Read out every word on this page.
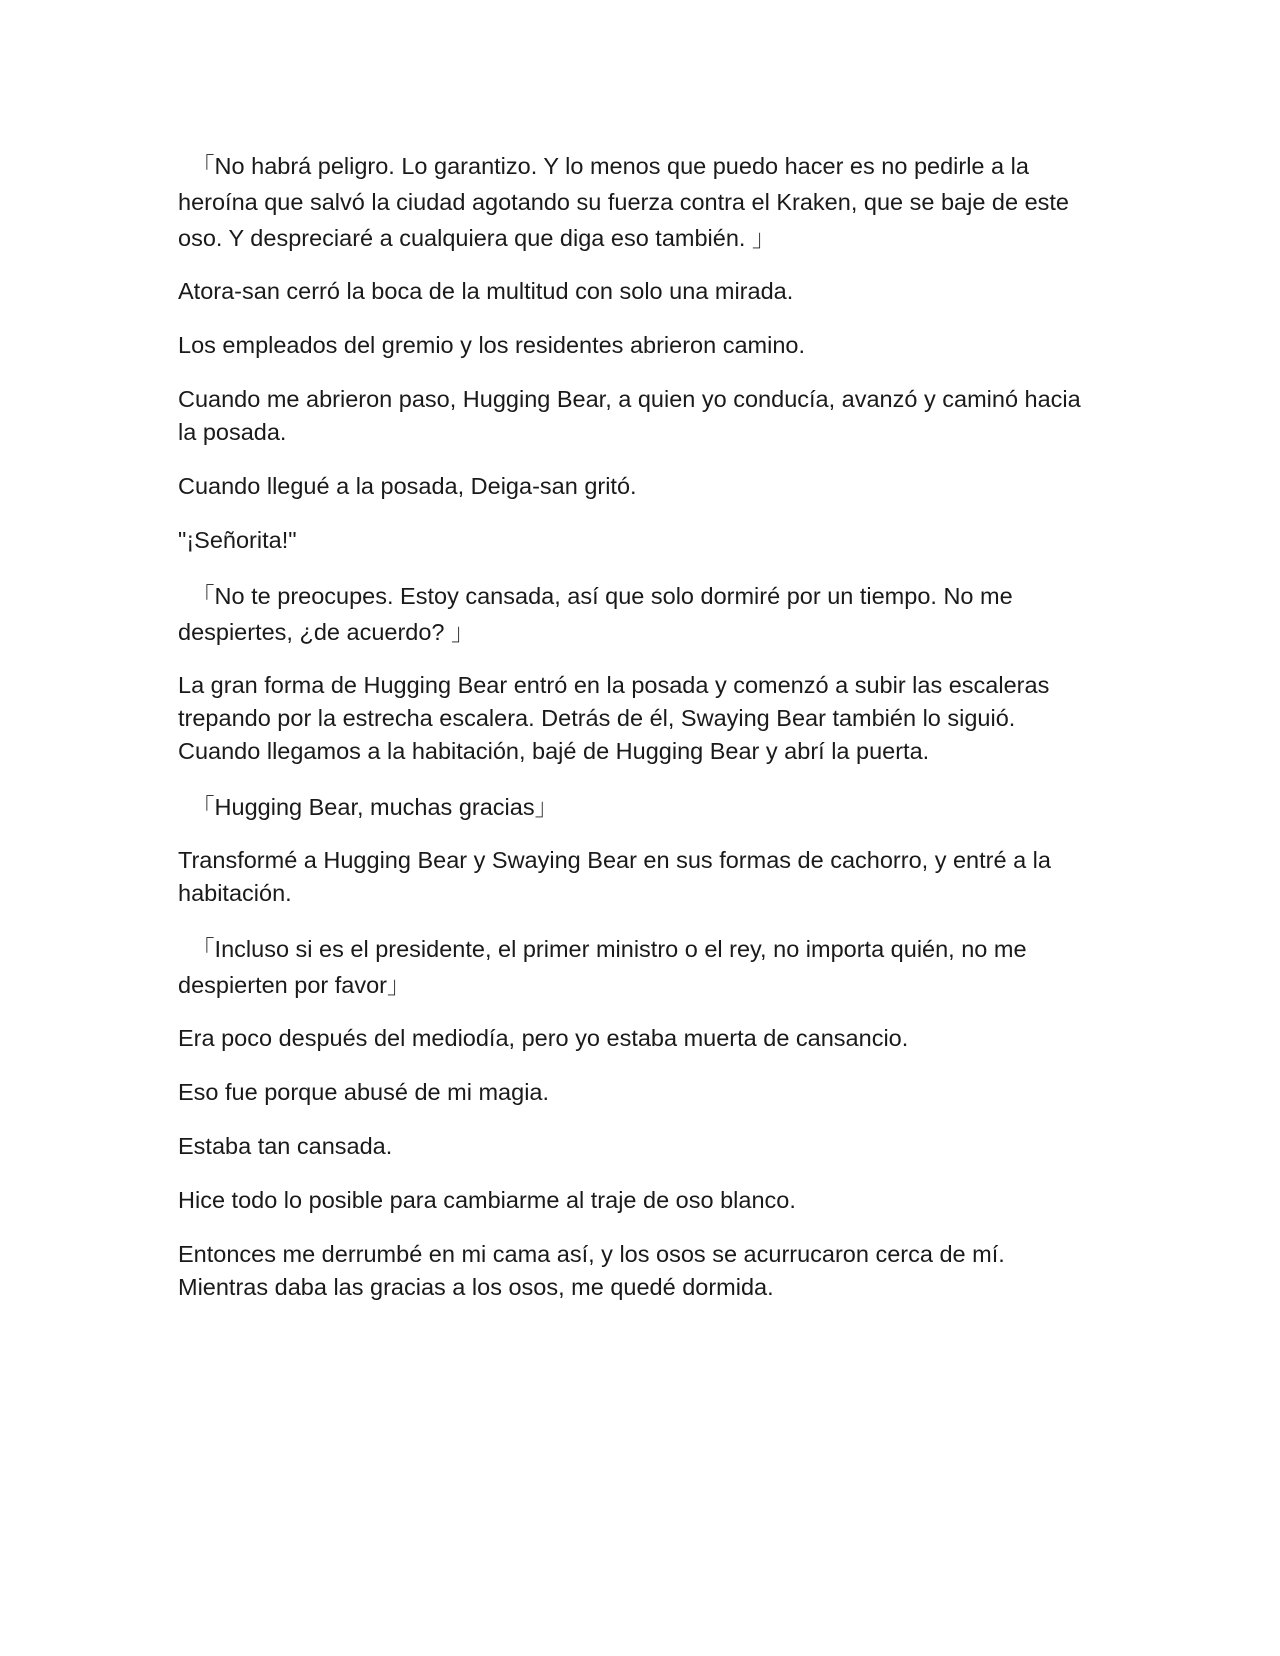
「No habrá peligro. Lo garantizo. Y lo menos que puedo hacer es no pedirle a la heroína que salvó la ciudad agotando su fuerza contra el Kraken, que se baje de este oso. Y despreciaré a cualquiera que diga eso también. 」

Atora-san cerró la boca de la multitud con solo una mirada.

Los empleados del gremio y los residentes abrieron camino.

Cuando me abrieron paso, Hugging Bear, a quien yo conducía, avanzó y caminó hacia la posada.

Cuando llegué a la posada, Deiga-san gritó.

"¡Señorita!"

「No te preocupes. Estoy cansada, así que solo dormiré por un tiempo. No me despiertes, ¿de acuerdo? 」

La gran forma de Hugging Bear entró en la posada y comenzó a subir las escaleras trepando por la estrecha escalera. Detrás de él, Swaying Bear también lo siguió. Cuando llegamos a la habitación, bajé de Hugging Bear y abrí la puerta.

「Hugging Bear, muchas gracias」

Transformé a Hugging Bear y Swaying Bear en sus formas de cachorro, y entré a la habitación.

「Incluso si es el presidente, el primer ministro o el rey, no importa quién, no me despierten por favor」

Era poco después del mediodía, pero yo estaba muerta de cansancio.

Eso fue porque abusé de mi magia.

Estaba tan cansada.

Hice todo lo posible para cambiarme al traje de oso blanco.

Entonces me derrumbé en mi cama así, y los osos se acurrucaron cerca de mí. Mientras daba las gracias a los osos, me quedé dormida.
